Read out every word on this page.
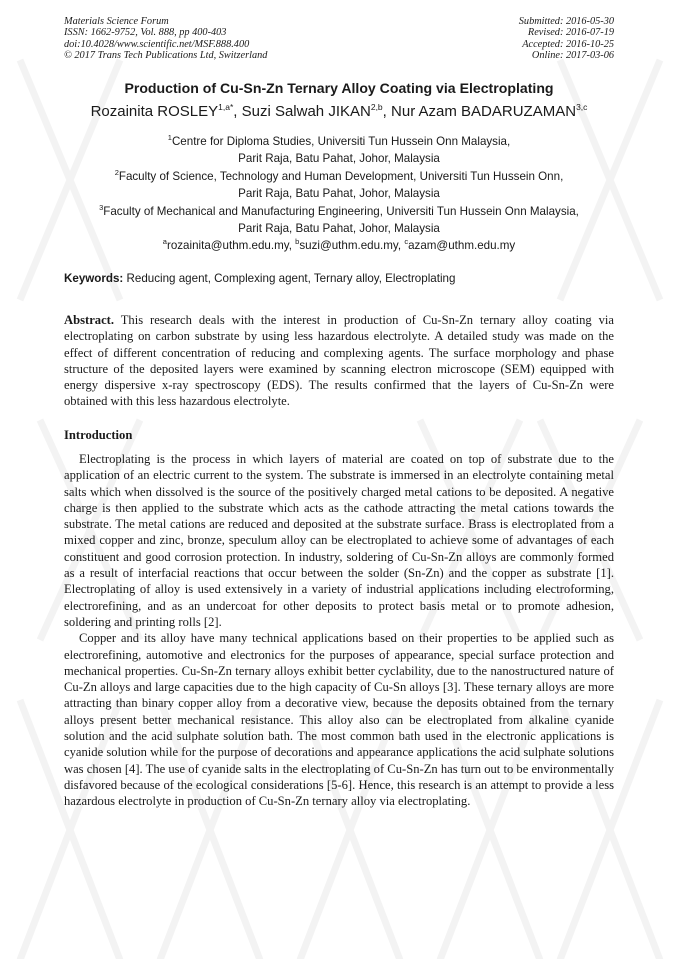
Materials Science Forum
ISSN: 1662-9752, Vol. 888, pp 400-403
doi:10.4028/www.scientific.net/MSF.888.400
© 2017 Trans Tech Publications Ltd, Switzerland
Submitted: 2016-05-30
Revised: 2016-07-19
Accepted: 2016-10-25
Online: 2017-03-06
Production of Cu-Sn-Zn Ternary Alloy Coating via Electroplating
Rozainita $ROSLEY^{1,a*}$, Suzi Salwah JIKAN$^{2,b}$, Nur Azam BADARUZAMAN$^{3,c}$
$^1$Centre for Diploma Studies, Universiti Tun Hussein Onn Malaysia,
Parit Raja, Batu Pahat, Johor, Malaysia
$^2$Faculty of Science, Technology and Human Development, Universiti Tun Hussein Onn,
Parit Raja, Batu Pahat, Johor, Malaysia
$^3$Faculty of Mechanical and Manufacturing Engineering, Universiti Tun Hussein Onn Malaysia,
Parit Raja, Batu Pahat, Johor, Malaysia
$^a$rozainita@uthm.edu.my, $^b$suzi@uthm.edu.my, $^c$azam@uthm.edu.my
Keywords: Reducing agent, Complexing agent, Ternary alloy, Electroplating

Abstract. This research deals with the interest in production of Cu-Sn-Zn ternary alloy coating via electroplating on carbon substrate by using less hazardous electrolyte. A detailed study was made on the effect of different concentration of reducing and complexing agents. The surface morphology and phase structure of the deposited layers were examined by scanning electron microscope (SEM) equipped with energy dispersive x-ray spectroscopy (EDS). The results confirmed that the layers of Cu-Sn-Zn were obtained with this less hazardous electrolyte.

Introduction

Electroplating is the process in which layers of material are coated on top of substrate due to the application of an electric current to the system. The substrate is immersed in an electrolyte containing metal salts which when dissolved is the source of the positively charged metal cations to be deposited. A negative charge is then applied to the substrate which acts as the cathode attracting the metal cations towards the substrate. The metal cations are reduced and deposited at the substrate surface. Brass is electroplated from a mixed copper and zinc, bronze, speculum alloy can be electroplated to achieve some of advantages of each constituent and good corrosion protection. In industry, soldering of Cu-Sn-Zn alloys are commonly formed as a result of interfacial reactions that occur between the solder (Sn-Zn) and the copper as substrate [1]. Electroplating of alloy is used extensively in a variety of industrial applications including electroforming, electrorefining, and as an undercoat for other deposits to protect basis metal or to promote adhesion, soldering and printing rolls [2].

Copper and its alloy have many technical applications based on their properties to be applied such as electrorefining, automotive and electronics for the purposes of appearance, special surface protection and mechanical properties. Cu-Sn-Zn ternary alloys exhibit better cyclability, due to the nanostructured nature of Cu-Zn alloys and large capacities due to the high capacity of Cu-Sn alloys [3]. These ternary alloys are more attracting than binary copper alloy from a decorative view, because the deposits obtained from the ternary alloys present better mechanical resistance. This alloy also can be electroplated from alkaline cyanide solution and the acid sulphate solution bath. The most common bath used in the electronic applications is cyanide solution while for the purpose of decorations and appearance applications the acid sulphate solutions was chosen [4]. The use of cyanide salts in the electroplating of Cu-Sn-Zn has turn out to be environmentally disfavored because of the ecological considerations [5-6]. Hence, this research is an attempt to provide a less hazardous electrolyte in production of Cu-Sn-Zn ternary alloy via electroplating.
